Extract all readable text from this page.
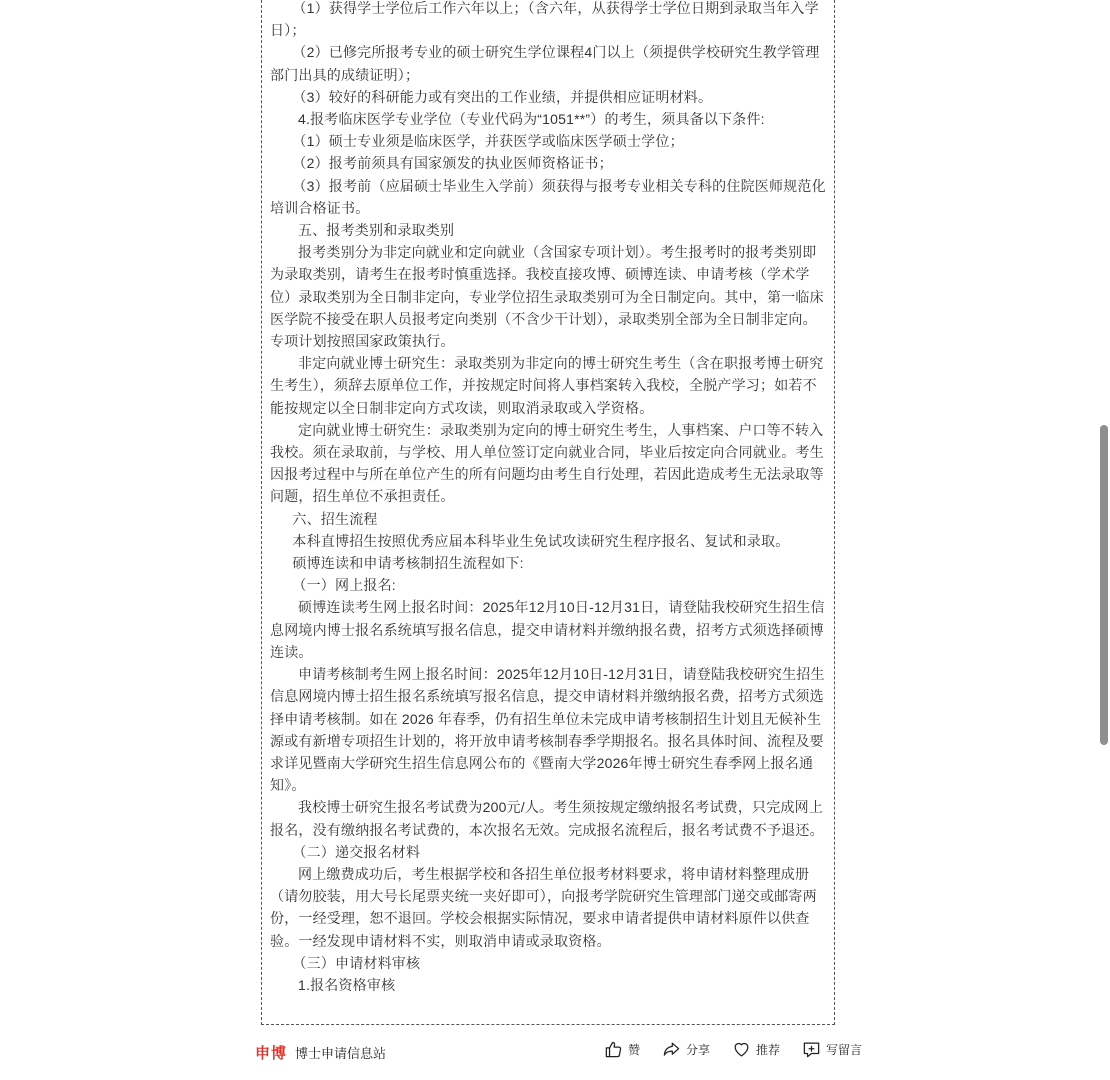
（1）获得学士学位后工作六年以上；（含六年，从获得学士学位日期到录取当年入学日）；

（2）已修完所报考专业的硕士研究生学位课程4门以上（须提供学校研究生教学管理部门出具的成绩证明）；

（3）较好的科研能力或有突出的工作业绩，并提供相应证明材料。

4.报考临床医学专业学位（专业代码为“1051**”）的考生，须具备以下条件:

（1）硕士专业须是临床医学，并获医学或临床医学硕士学位；

（2）报考前须具有国家颁发的执业医师资格证书；

（3）报考前（应届硕士毕业生入学前）须获得与报考专业相关专科的住院医师规范化培训合格证书。

五、报考类别和录取类别

报考类别分为非定向就业和定向就业（含国家专项计划）。考生报考时的报考类别即为录取类别，请考生在报考时慎重选择。我校直接攻博、硕博连读、申请考核（学术学位）录取类别为全日制非定向，专业学位招生录取类别可为全日制定向。其中，第一临床医学院不接受在职人员报考定向类别（不含少干计划），录取类别全部为全日制非定向。专项计划按照国家政策执行。

非定向就业博士研究生：录取类别为非定向的博士研究生考生（含在职报考博士研究生考生），须辞去原单位工作，并按规定时间将人事档案转入我校，全脱产学习；如若不能按规定以全日制非定向方式攻读，则取消录取或入学资格。

定向就业博士研究生：录取类别为定向的博士研究生考生，人事档案、户口等不转入我校。须在录取前，与学校、用人单位签订定向就业合同，毕业后按定向合同就业。考生因报考过程中与所在单位产生的所有问题均由考生自行处理，若因此造成考生无法录取等问题，招生单位不承担责任。

六、招生流程

本科直博招生按照优秀应届本科毕业生免试攻读研究生程序报名、复试和录取。

硕博连读和申请考核制招生流程如下:

（一）网上报名:

硕博连读考生网上报名时间：2025年12月10日-12月31日，请登陆我校研究生招生信息网境内博士报名系统填写报名信息，提交申请材料并缴纳报名费，招考方式须选择硕博连读。

申请考核制考生网上报名时间：2025年12月10日-12月31日，请登陆我校研究生招生信息网境内博士招生报名系统填写报名信息，提交申请材料并缴纳报名费，招考方式须选择申请考核制。如在 2026 年春季，仍有招生单位未完成申请考核制招生计划且无候补生源或有新增专项招生计划的，将开放申请考核制春季学期报名。报名具体时间、流程及要求详见暨南大学研究生招生信息网公布的《暨南大学2026年博士研究生春季网上报名通知》。

我校博士研究生报名考试费为200元/人。考生须按规定缴纳报名考试费，只完成网上报名，没有缴纳报名考试费的，本次报名无效。完成报名流程后，报名考试费不予退还。

（二）递交报名材料

网上缴费成功后，考生根据学校和各招生单位报考材料要求，将申请材料整理成册（请勿胶装，用大号长尾票夹统一夹好即可），向报考学院研究生管理部门递交或邮寄两份，一经受理，恕不退回。学校会根据实际情况，要求申请者提供申请材料原件以供查验。一经发现申请材料不实，则取消申请或录取资格。

（三）申请材料审核

1.报名资格审核

申博 博士申请信息站	赞	分享	推荐	写留言
